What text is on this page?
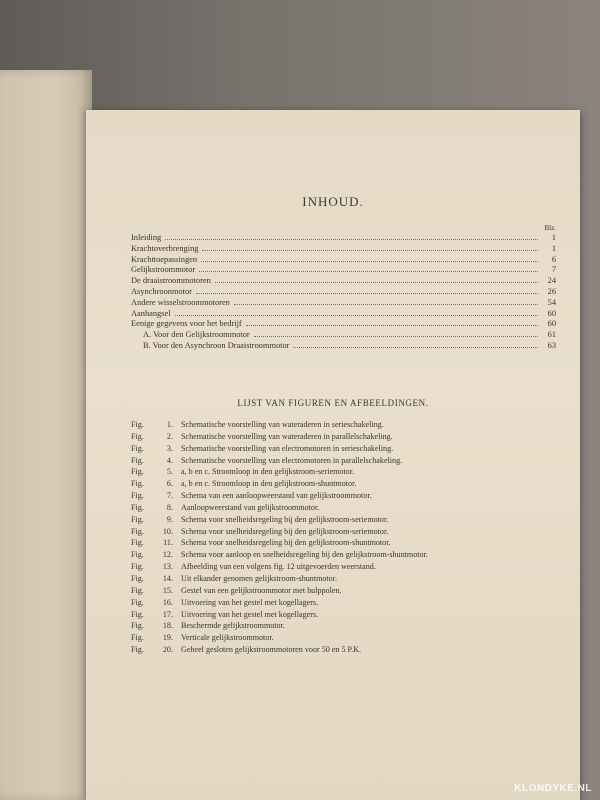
INHOUD.
Blz.
Inleiding	1
Krachtoverbrenging	1
Krachttoepassingen	6
Gelijkstroommotor	7
De draaistroommotoren	24
Asynchroonmotor	26
Andere wisselstroommotoren	54
Aanhangsel	60
Eenige gegevens voor het bedrijf	60
A. Voor den Gelijkstroommotor	61
B. Voor den Asynchroon Draaistroommotor	63
LIJST VAN FIGUREN EN AFBEELDINGEN.
Fig.	1. Schematische voorstelling van wateraderen in serieschakeling.
Fig.	2. Schematische voorstelling van wateraderen in parallelschakeling.
Fig.	3. Schematische voorstelling van electromotoren in serieschakeling.
Fig.	4. Schematische voorstelling van electromotoren in parallelschakeling.
Fig.	5. a, b en c. Stroomloop in den gelijkstroom-seriemotor.
Fig.	6. a, b en c. Stroomloop in den gelijkstroom-shuntmotor.
Fig.	7. Schema van een aanloopweerstand van gelijkstroommotor.
Fig.	8. Aanloopweerstand van gelijkstroommotor.
Fig.	9. Schema voor snelheidsregeling bij den gelijkstroom-seriemotor.
Fig.	10. Schema voor snelheidsregeling bij den gelijkstroom-seriemotor.
Fig.	11. Schema voor snelheidsregeling bij den gelijkstroom-shuntmotor.
Fig.	12. Schema voor aanloop en snelheidsregeling bij den gelijkstroom-shuntmotor.
Fig.	13. Afbeelding van een volgens fig. 12 uitgevoerden weerstand.
Fig.	14. Uit elkander genomen gelijkstroom-shuntmotor.
Fig.	15. Gestel van een gelijkstroommotor met hulppolen.
Fig.	16. Uitvoering van het gestel met kogellagers.
Fig.	17. Uitvoering van het gestel met kogellagers.
Fig.	18. Beschermde gelijkstroommotor.
Fig.	19. Verticale gelijkstroommotor.
Fig.	20. Geheel gesloten gelijkstroommotoren voor 50 en 5 P.K.
KLONDYKE.NL
